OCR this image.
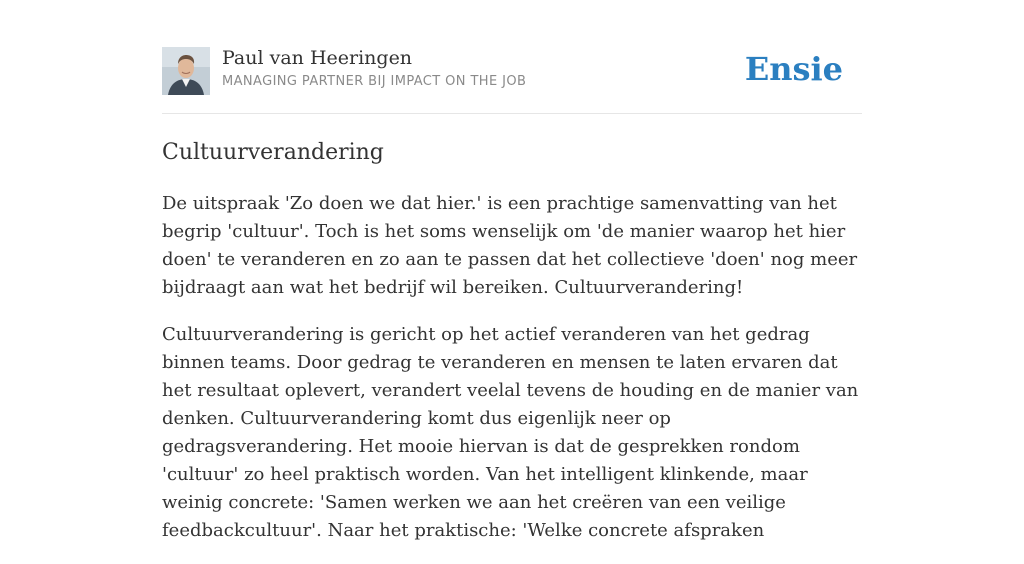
Paul van Heeringen
MANAGING PARTNER BIJ IMPACT ON THE JOB	Ensie
Cultuurverandering

De uitspraak 'Zo doen we dat hier.' is een prachtige samenvatting van het begrip 'cultuur'. Toch is het soms wenselijk om 'de manier waarop het hier doen' te veranderen en zo aan te passen dat het collectieve 'doen' nog meer bijdraagt aan wat het bedrijf wil bereiken. Cultuurverandering!

Cultuurverandering is gericht op het actief veranderen van het gedrag binnen teams. Door gedrag te veranderen en mensen te laten ervaren dat het resultaat oplevert, verandert veelal tevens de houding en de manier van denken. Cultuurverandering komt dus eigenlijk neer op gedragsverandering. Het mooie hiervan is dat de gesprekken rondom 'cultuur' zo heel praktisch worden. Van het intelligent klinkende, maar weinig concrete: 'Samen werken we aan het creëren van een veilige feedbackcultuur'. Naar het praktische: 'Welke concrete afspraken
